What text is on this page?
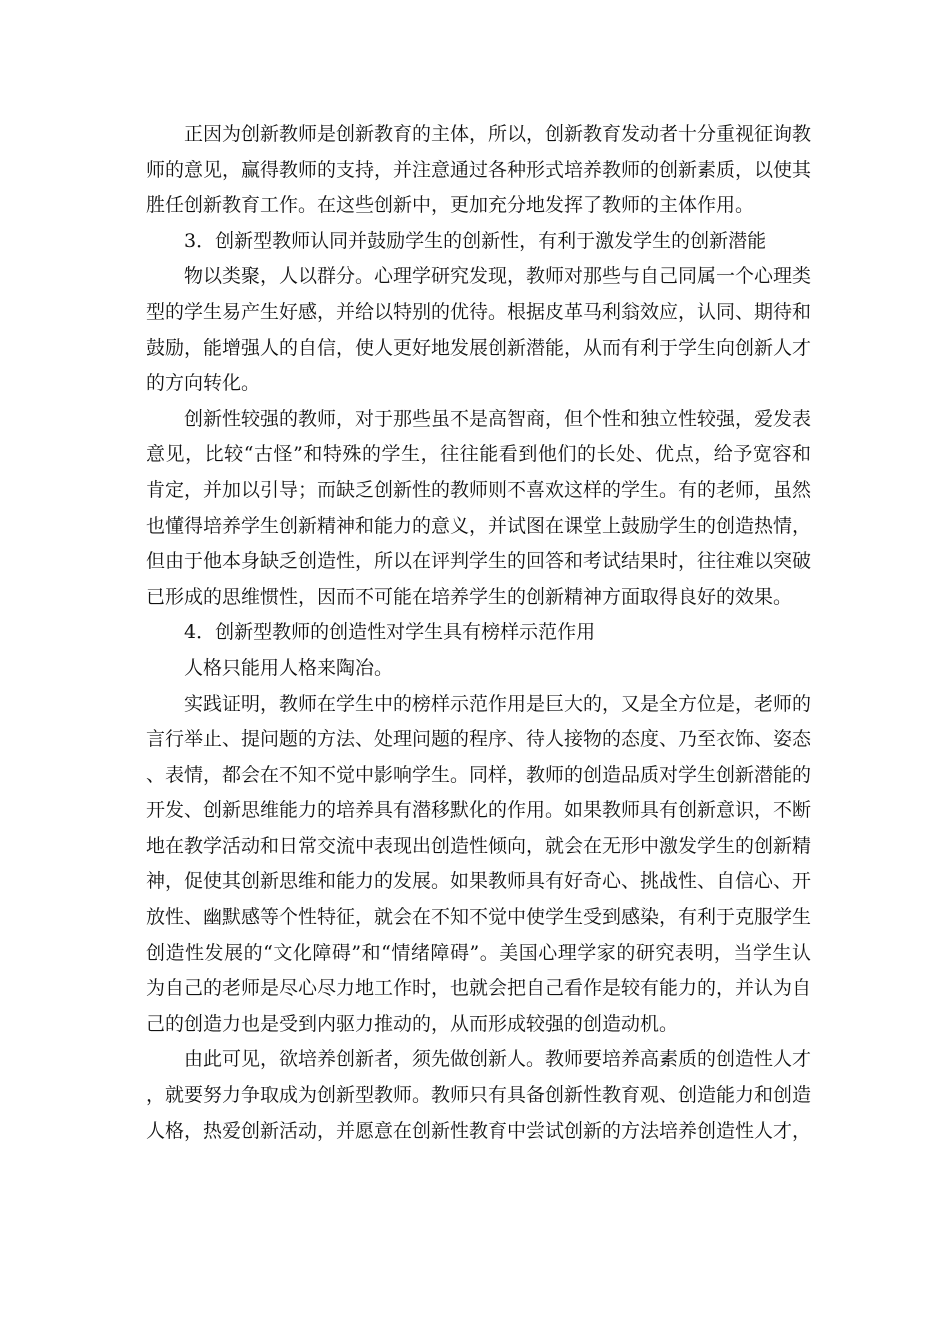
正因为创新教师是创新教育的主体，所以，创新教育发动者十分重视征询教师的意见，赢得教师的支持，并注意通过各种形式培养教师的创新素质，以使其胜任创新教育工作。在这些创新中，更加充分地发挥了教师的主体作用。

3．创新型教师认同并鼓励学生的创新性，有利于激发学生的创新潜能

物以类聚，人以群分。心理学研究发现，教师对那些与自己同属一个心理类型的学生易产生好感，并给以特别的优待。根据皮革马利翁效应，认同、期待和鼓励，能增强人的自信，使人更好地发展创新潜能，从而有利于学生向创新人才的方向转化。

创新性较强的教师，对于那些虽不是高智商，但个性和独立性较强，爱发表意见，比较“古怪”和特殊的学生，往往能看到他们的长处、优点，给予宽容和肯定，并加以引导；而缺乏创新性的教师则不喜欢这样的学生。有的老师，虽然也懂得培养学生创新精神和能力的意义，并试图在课堂上鼓励学生的创造热情，但由于他本身缺乏创造性，所以在评判学生的回答和考试结果时，往往难以突破已形成的思维惯性，因而不可能在培养学生的创新精神方面取得良好的效果。

4．创新型教师的创造性对学生具有榜样示范作用

人格只能用人格来陶冶。

实践证明，教师在学生中的榜样示范作用是巨大的，又是全方位是，老师的言行举止、提问题的方法、处理问题的程序、待人接物的态度、乃至衣饰、姿态、表情，都会在不知不觉中影响学生。同样，教师的创造品质对学生创新潜能的开发、创新思维能力的培养具有潜移默化的作用。如果教师具有创新意识，不断地在教学活动和日常交流中表现出创造性倾向，就会在无形中激发学生的创新精神，促使其创新思维和能力的发展。如果教师具有好奇心、挑战性、自信心、开放性、幽默感等个性特征，就会在不知不觉中使学生受到感染，有利于克服学生创造性发展的“文化障碍”和“情绪障碍”。美国心理学家的研究表明，当学生认为自己的老师是尽心尽力地工作时，也就会把自己看作是较有能力的，并认为自己的创造力也是受到内驱力推动的，从而形成较强的创造动机。

由此可见，欲培养创新者，须先做创新人。教师要培养高素质的创造性人才，就要努力争取成为创新型教师。教师只有具备创新性教育观、创造能力和创造人格，热爱创新活动，并愿意在创新性教育中尝试创新的方法培养创造性人才，
